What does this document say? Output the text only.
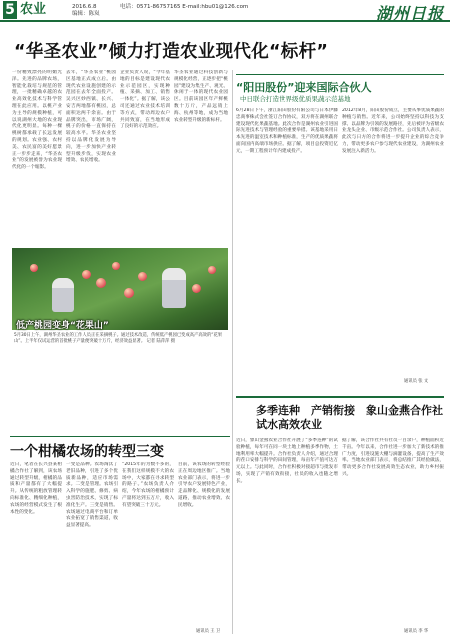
5 农业	2016.6.8
编辑：陈岚
电话：0571-86757165 E-mail:hbu01@126.com	湖州日报
“华圣农业”倾力打造农业现代化“标杆”
一份精致漂亮的明媚光泽。先进的品牌农场，智能化栽培与规范的管理，一批精确卓越的农业高效化技术与科学管理在此应用。以桃产业为主导的规模种植，可以说湖州大地的农业现代化更明显。每种一棵桃树都承载了长远发展的规划。农业强、农村美、农民富的美好愿景正一步步走来，“华圣农业”的发展被誉为农业现代化的一个缩影。
去年，“华圣农业”桃园区基地正式成立后。由现代农业设施创建的示范园在去年全面投产。吴兴区妙西镇、长兴、安吉两地都有桃园，总面积达两千余亩。由于品牌突出，市场广阔，桃子的价格一直保持在较高水平。华圣农业坚持以品牌化发展为导向，进一步加快产业转型升级步伐，实现农业增效、农民增收。
企业负责人说，“今年基地的目标是建设现代农业示范园区，实现种植、采摘、加工、销售一体化”。据了解，该公司还通过农业技术培训等方式，带动周边农户共同致富，在当地形成了良好的示范效应。
华圣农业通过科技创新与规模化经营，正逐步把“桃园”建设为集生产、观光、休闲于一体的现代农业园区。目前该园区年产鲜桃数十万斤，产品远销上海、杭州等地，成为当地农业转型升级的新标杆。
低产桃园变身“花果山”
5月30日上午，湖州华圣农业的工作人员正在采摘桃子。通过技术改造，传统低产桃园已变成高产高效的“花果山”。上半年仅试运营的首批桃子产量便突破十万斤，经济效益显著。 记者 陆萍萍 摄
一个柑橘农场的转型三变
近日，笔者在长兴县某柑橘合作社了解到，该农场通过转型升级，柑橘的品质和产量都有了大幅提升。从传统的粗放管理转向标准化、精细化种植，农场的经营模式发生了根本性的变化。
一变是品种。农场淘汰了老旧品种，引进了多个优质新品种，适应市场需求。二变是管理。农场引入科学的施肥、修剪、病虫害防治技术，实现了标准化生产。三变是销售。农场通过电商平台和订单农业拓宽了销售渠道，收益显著提高。
“2015年的为数不多的，在我们这样规模不大的农场中，大家都在寻求转型的路子。”农场负责人介绍，今年农场的柑橘预计产量将达到五万斤，收入有望突破三十万元。
目前，该农场的转型经验正在周边地区推广。当地农业部门表示，将进一步引导农户发展特色产业，走品牌化、规模化的发展道路，推动农业增效、农民增收。
通讯员 王 卫
“阳田股份”迎来国际合伙人
中日联合打造世界级优质果蔬示范基地
6月28日下午，浙江阳田股份有限公司与日本伊藤忠商事株式会社签订合作协议，双方将在湖州联合建设现代化果蔬基地。此次合作是湖州农业引进国际先进技术与管理经验的重要举措。该基地采用日本先进的温室技术和种植标准，生产的优质果蔬将面向国内高端市场供应。据了解，项目总投资近亿元，一期工程预计年内建成投产。
2012年8月，阳田股份成立，主要从事优质果蔬的种植与销售。近年来，公司始终坚持以科技为支撑、以品牌为引领的发展路径，先后被评为省级农业龙头企业、市级示范合作社。公司负责人表示，此次与日方的合作将进一步提升企业的综合竞争力，带动更多农户参与现代农业建设，为湖州农业发展注入新活力。
通讯员 张 文
多季连种　产销衔接　象山金燕合作社试水高效农业
近日，象山金燕农业合作社开展了“多季连种”的试验种植，每年可在同一块土地上种植多季作物，土地利用率大幅提升。合作社负责人介绍，通过合理的茬口安排与科学的田间管理，每亩年产值可达万元以上。与此同时，合作社积极对接超市与批发市场，实现了产销有效衔接，社员的收入也随之增长。
据了解，该合作社共有社员一百余户，种植面积近千亩。今年以来，合作社进一步加大了新技术的推广力度，引进设施大棚与滴灌设备，提高了生产效率。当地农业部门表示，将总结推广其经验做法，带动更多合作社发展高效生态农业，助力乡村振兴。
通讯员 李 华
